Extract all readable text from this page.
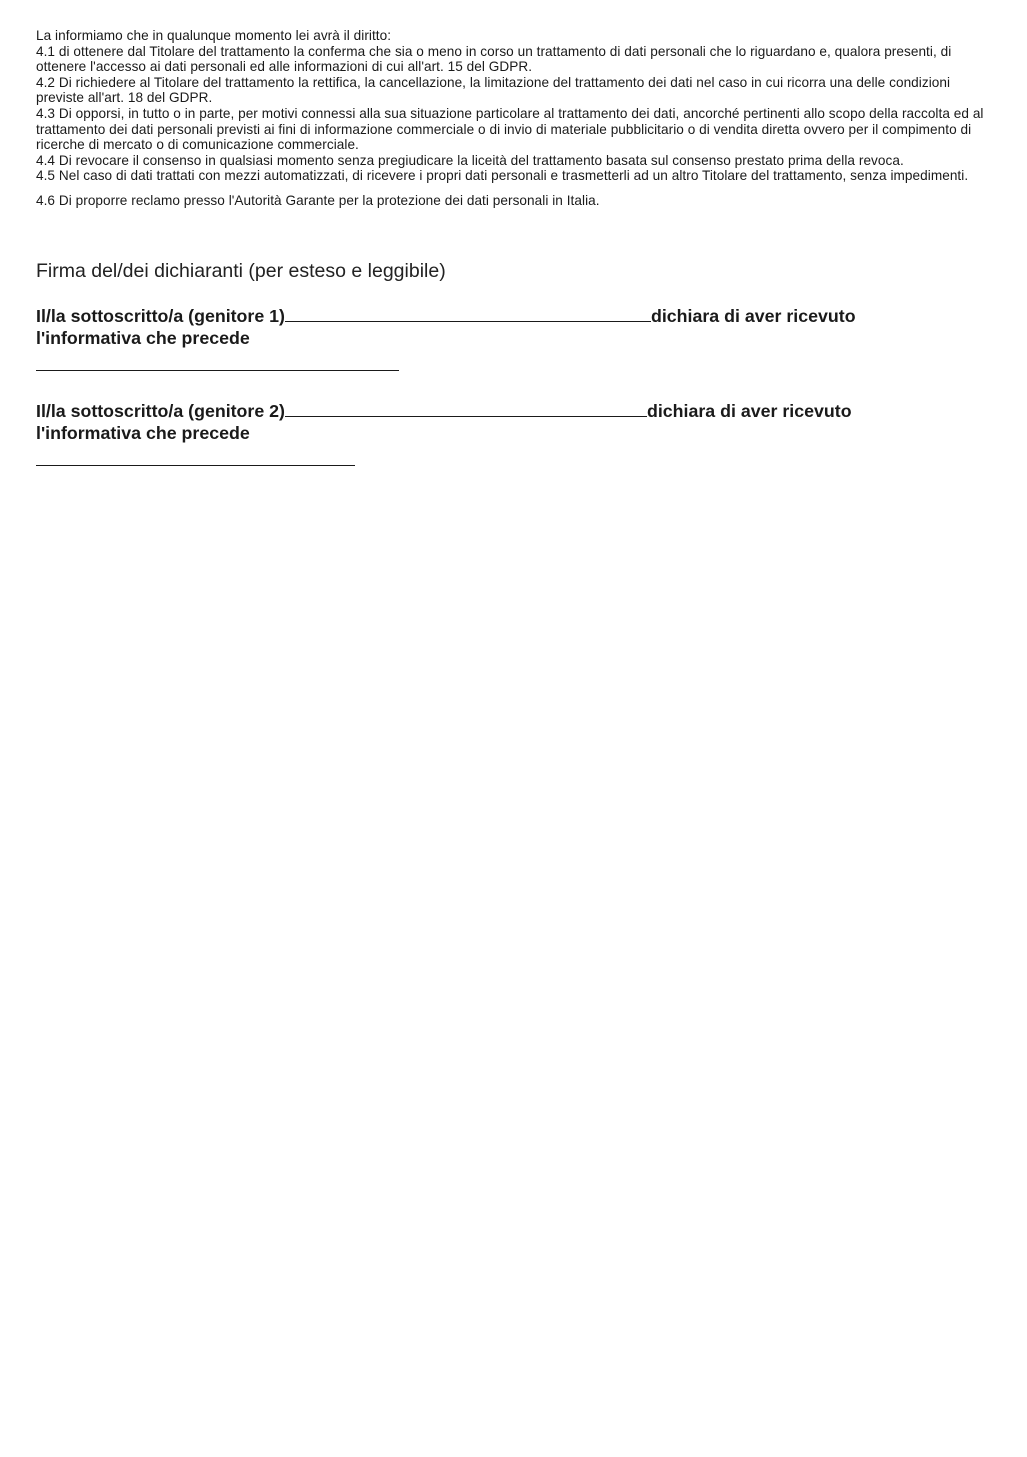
La informiamo che in qualunque momento lei avrà il diritto:

4.1 di ottenere dal Titolare del trattamento la conferma che sia o meno in corso un trattamento di dati personali che lo riguardano e, qualora presenti, di ottenere l'accesso ai dati personali ed alle informazioni di cui all'art. 15 del GDPR.

4.2 Di richiedere al Titolare del trattamento la rettifica, la cancellazione, la limitazione del trattamento dei dati nel caso in cui ricorra una delle condizioni previste all'art. 18 del GDPR.

4.3 Di opporsi, in tutto o in parte, per motivi connessi alla sua situazione particolare al trattamento dei dati, ancorché pertinenti allo scopo della raccolta ed al trattamento dei dati personali previsti ai fini di informazione commerciale o di invio di materiale pubblicitario o di vendita diretta ovvero per il compimento di ricerche di mercato o di comunicazione commerciale.

4.4 Di revocare il consenso in qualsiasi momento senza pregiudicare la liceità del trattamento basata sul consenso prestato prima della revoca.

4.5 Nel caso di dati trattati con mezzi automatizzati, di ricevere i propri dati personali e trasmetterli ad un altro Titolare del trattamento, senza impedimenti.

4.6 Di proporre reclamo presso l'Autorità Garante per la protezione dei dati personali in Italia.

Firma del/dei dichiaranti (per esteso e leggibile)
Il/la sottoscritto/a (genitore 1)	dichiara di aver ricevuto
l'informativa che precede
Il/la sottoscritto/a (genitore 2)	dichiara di aver ricevuto
l'informativa che precede
